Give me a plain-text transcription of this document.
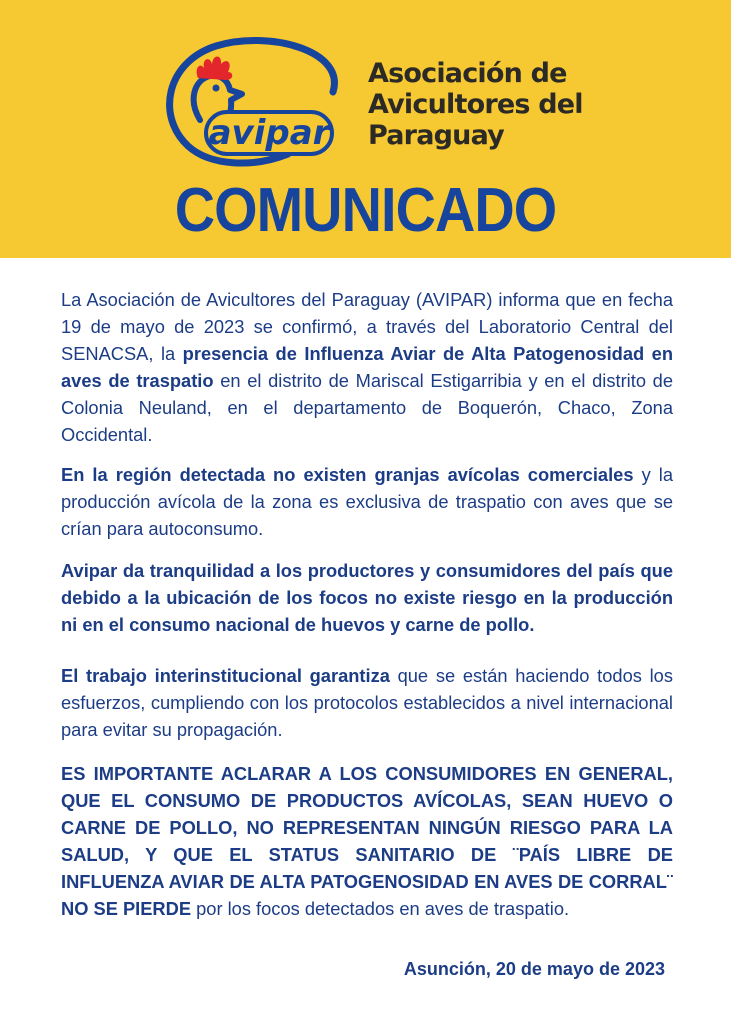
avipar
Asociación de
Avicultores del
Paraguay
COMUNICADO

La Asociación de Avicultores del Paraguay (AVIPAR) informa que en fecha 19 de mayo de 2023 se confirmó, a través del Laboratorio Central del SENACSA, la presencia de Influenza Aviar de Alta Patogenosidad en aves de traspatio en el distrito de Mariscal Estigarribia y en el distrito de Colonia Neuland, en el departamento de Boquerón, Chaco, Zona Occidental.

En la región detectada no existen granjas avícolas comerciales y la producción avícola de la zona es exclusiva de traspatio con aves que se crían para autoconsumo.

Avipar da tranquilidad a los productores y consumidores del país que debido a la ubicación de los focos no existe riesgo en la producción ni en el consumo nacional de huevos y carne de pollo.

El trabajo interinstitucional garantiza que se están haciendo todos los esfuerzos, cumpliendo con los protocolos establecidos a nivel internacional para evitar su propagación.

ES IMPORTANTE ACLARAR A LOS CONSUMIDORES EN GENERAL, QUE EL CONSUMO DE PRODUCTOS AVÍCOLAS, SEAN HUEVO O CARNE DE POLLO, NO REPRESENTAN NINGÚN RIESGO PARA LA SALUD, Y QUE EL STATUS SANITARIO DE ¨PAÍS LIBRE DE INFLUENZA AVIAR DE ALTA PATOGENOSIDAD EN AVES DE CORRAL¨ NO SE PIERDE por los focos detectados en aves de traspatio.

Asunción, 20 de mayo de 2023
